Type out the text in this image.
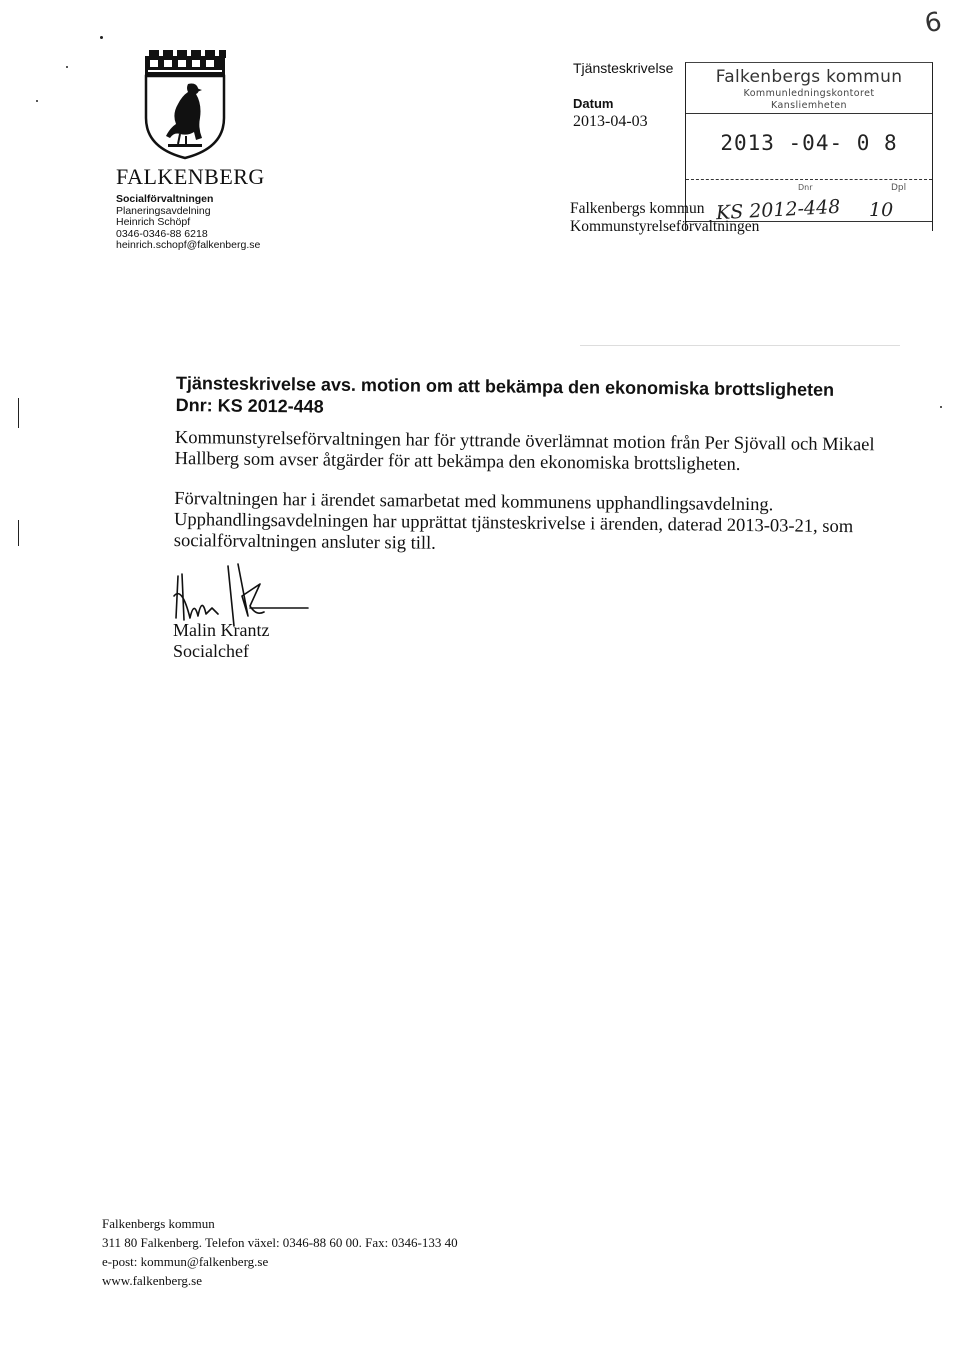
6
FALKENBERG
Socialförvaltningen
Planeringsavdelning
Heinrich Schöpf
0346-0346-88 6218
heinrich.schopf@falkenberg.se
Tjänsteskrivelse
Datum
2013-04-03
Falkenbergs kommun
Kommunledningskontoret
Kansliemheten
2013 -04- 0 8
Dnr	Dpl
KS 2012-448 10
Falkenbergs kommun
Kommunstyrelseförvaltningen
Tjänsteskrivelse avs. motion om att bekämpa den ekonomiska brottsligheten
Dnr: KS 2012-448

Kommunstyrelseförvaltningen har för yttrande överlämnat motion från Per Sjövall och Mikael Hallberg som avser åtgärder för att bekämpa den ekonomiska brottsligheten.

Förvaltningen har i ärendet samarbetat med kommunens upphandlingsavdelning. Upphandlingsavdelningen har upprättat tjänsteskrivelse i ärenden, daterad 2013-03-21, som socialförvaltningen ansluter sig till.

Malin Krantz
Socialchef
Falkenbergs kommun
311 80 Falkenberg. Telefon växel: 0346-88 60 00. Fax: 0346-133 40
e-post: kommun@falkenberg.se
www.falkenberg.se
